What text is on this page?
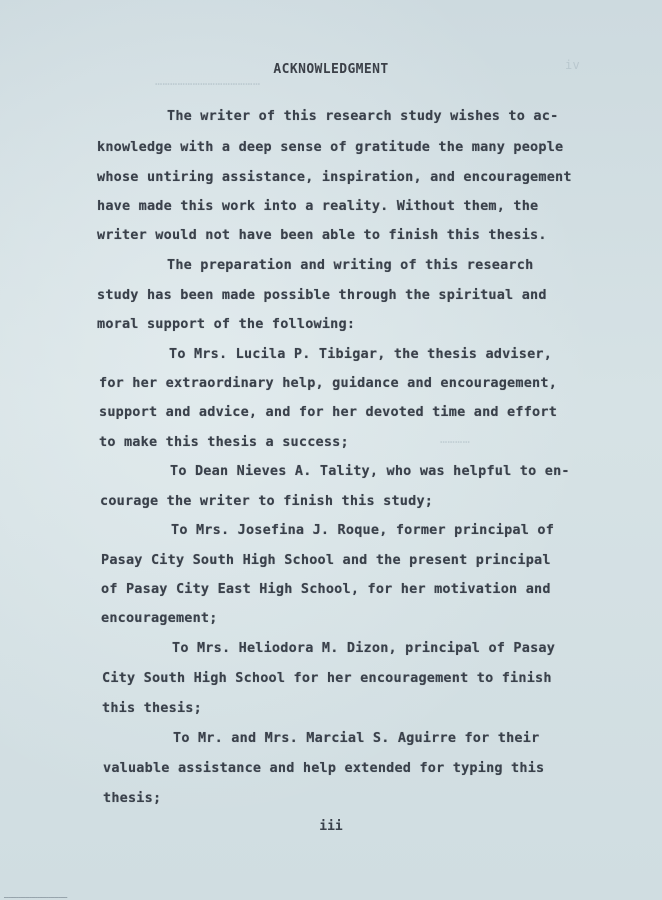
iv
……………………………………
…………
ACKNOWLEDGMENT
The writer of this research study wishes to ac-
knowledge with a deep sense of gratitude the many people
whose untiring assistance, inspiration, and encouragement
have made this work into a reality. Without them, the
writer would not have been able to finish this thesis.
The preparation and writing of this research
study has been made possible through the spiritual and
moral support of the following:
To Mrs. Lucila P. Tibigar, the thesis adviser,
for her extraordinary help, guidance and encouragement,
support and advice, and for her devoted time and effort
to make this thesis a success;
To Dean Nieves A. Tality, who was helpful to en-
courage the writer to finish this study;
To Mrs. Josefina J. Roque, former principal of
Pasay City South High School and the present principal
of Pasay City East High School, for her motivation and
encouragement;
To Mrs. Heliodora M. Dizon, principal of Pasay
City South High School for her encouragement to finish
this thesis;
To Mr. and Mrs. Marcial S. Aguirre for their
valuable assistance and help extended for typing this
thesis;
iii
▁▁▁▁▁▁▁▁▁▁▁▁▁▁▁▁▁▁▁▁▁▁▁▁▁▁▁▁▁▁
